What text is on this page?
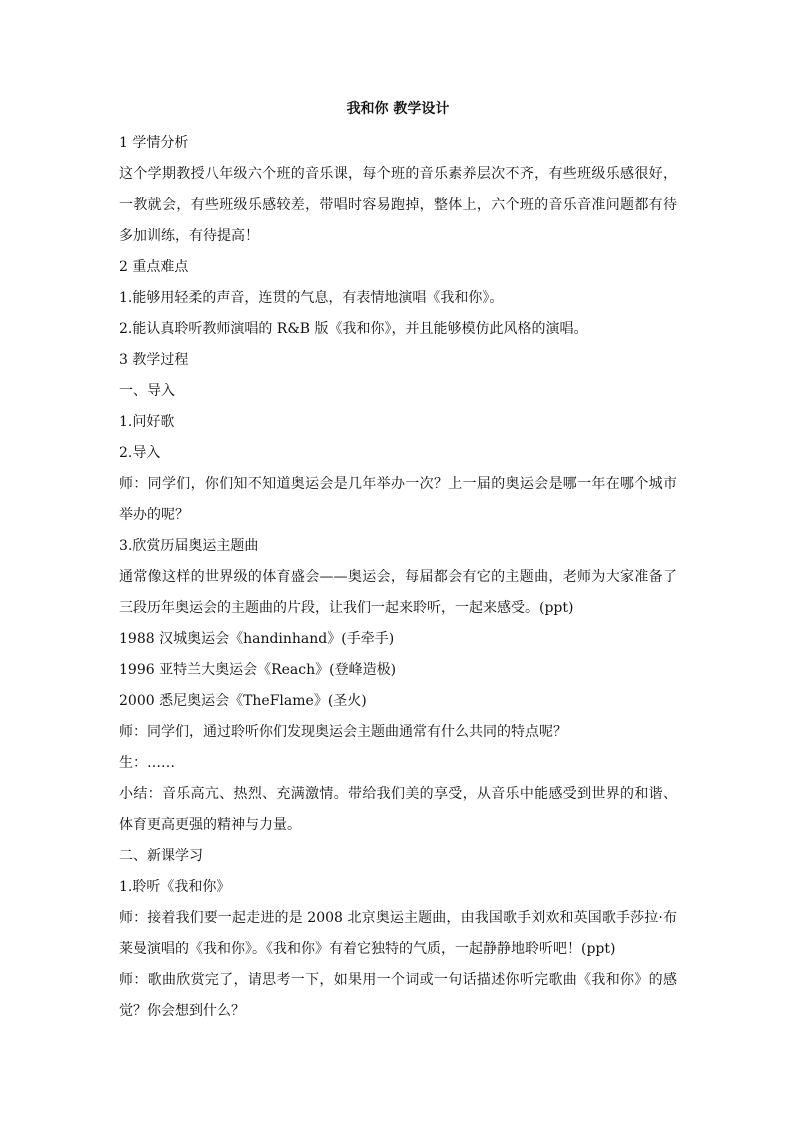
我和你 教学设计

1 学情分析

这个学期教授八年级六个班的音乐课，每个班的音乐素养层次不齐，有些班级乐感很好，一教就会，有些班级乐感较差，带唱时容易跑掉，整体上，六个班的音乐音准问题都有待多加训练，有待提高！

2 重点难点

1.能够用轻柔的声音，连贯的气息，有表情地演唱《我和你》。

2.能认真聆听教师演唱的 R&B 版《我和你》，并且能够模仿此风格的演唱。

3 教学过程

一、导入

1.问好歌

2.导入

师：同学们，你们知不知道奥运会是几年举办一次？上一届的奥运会是哪一年在哪个城市举办的呢？

3.欣赏历届奥运主题曲

通常像这样的世界级的体育盛会——奥运会，每届都会有它的主题曲，老师为大家准备了三段历年奥运会的主题曲的片段，让我们一起来聆听，一起来感受。(ppt)

1988 汉城奥运会《handinhand》(手牵手)

1996 亚特兰大奥运会《Reach》(登峰造极)

2000 悉尼奥运会《TheFlame》(圣火)

师：同学们，通过聆听你们发现奥运会主题曲通常有什么共同的特点呢？

生：……

小结：音乐高亢、热烈、充满激情。带给我们美的享受，从音乐中能感受到世界的和谐、体育更高更强的精神与力量。

二、新课学习

1.聆听《我和你》

师：接着我们要一起走进的是 2008 北京奥运主题曲，由我国歌手刘欢和英国歌手莎拉·布莱曼演唱的《我和你》。《我和你》有着它独特的气质，一起静静地聆听吧！(ppt)

师：歌曲欣赏完了，请思考一下，如果用一个词或一句话描述你听完歌曲《我和你》的感觉？你会想到什么？
